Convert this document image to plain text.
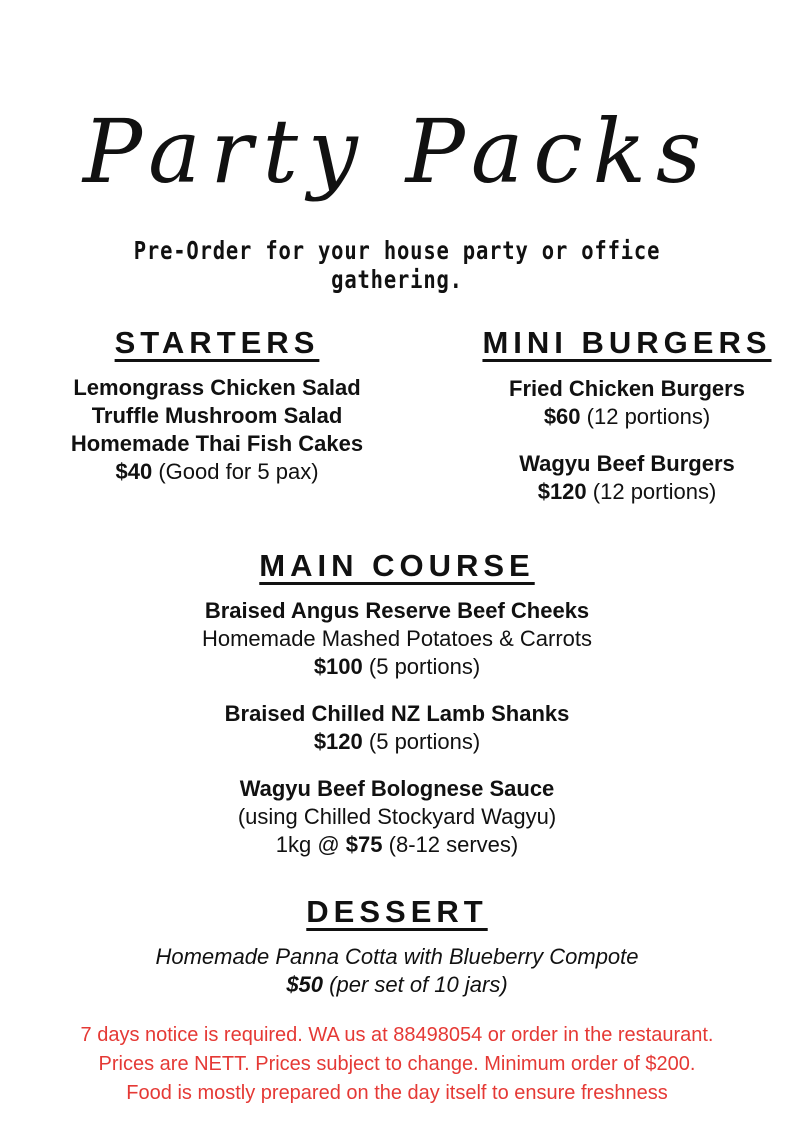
Party Packs
Pre-Order for your house party or office gathering.
STARTERS
Lemongrass Chicken Salad
Truffle Mushroom Salad
Homemade Thai Fish Cakes
$40 (Good for 5 pax)
MINI BURGERS
Fried Chicken Burgers
$60 (12 portions)
Wagyu Beef Burgers
$120 (12 portions)
MAIN COURSE
Braised Angus Reserve Beef Cheeks
Homemade Mashed Potatoes & Carrots
$100 (5 portions)
Braised Chilled NZ Lamb Shanks
$120 (5 portions)
Wagyu Beef Bolognese Sauce
(using Chilled Stockyard Wagyu)
1kg @ $75 (8-12 serves)
DESSERT
Homemade Panna Cotta with Blueberry Compote
$50 (per set of 10 jars)
7 days notice is required. WA us at 88498054 or order in the restaurant.
Prices are NETT. Prices subject to change. Minimum order of $200.
Food is mostly prepared on the day itself to ensure freshness
